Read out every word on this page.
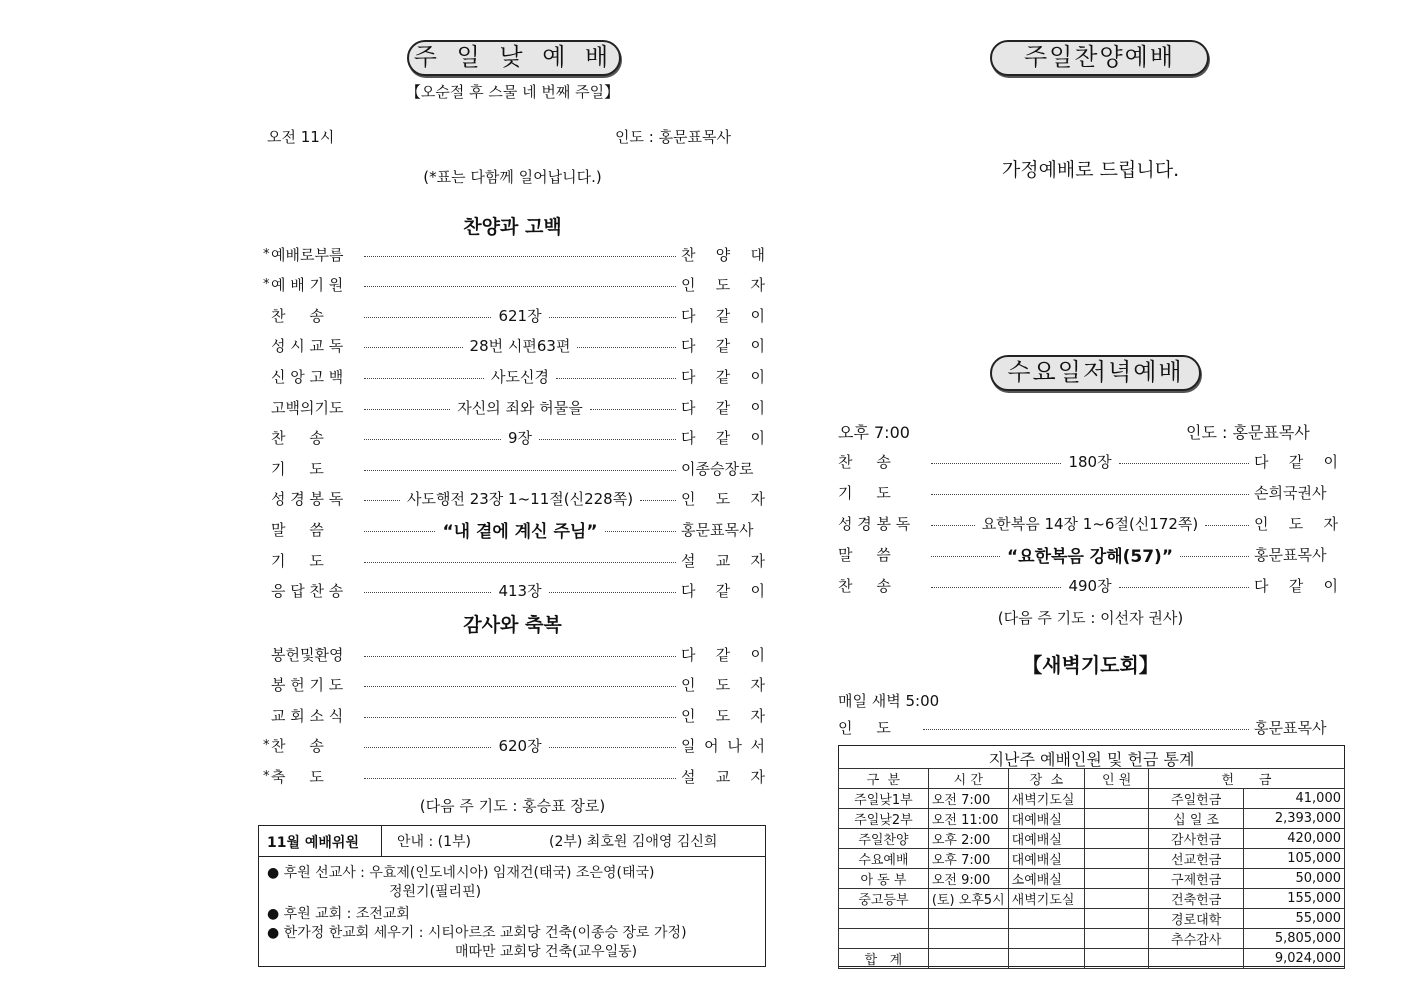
주 일 낮 예 배
【오순절 후 스물 네 번째 주일】
오전 11시	인도 : 홍문표목사
(*표는 다함께 일어납니다.)
찬양과 고백
* 예배로부름	찬 양 대
* 예 배 기 원	인 도 자
찬     송	621장	다 같 이
성 시 교 독	28번 시편63편	다 같 이
신 앙 고 백	사도신경	다 같 이
고백의기도	자신의 죄와 허물을	다 같 이
찬     송	9장	다 같 이
기     도	이종승장로
성 경 봉 독	사도행전 23장 1~11절(신228쪽)	인 도 자
말     씀	“내 곁에 계신 주님”	홍문표목사
기     도	설 교 자
응 답 찬 송	413장	다 같 이
감사와 축복
봉헌및환영	다 같 이
봉 헌 기 도	인 도 자
교 회 소 식	인 도 자
* 찬     송	620장	일 어 나 서
* 축     도	설 교 자
(다음 주 기도 : 홍승표 장로)
11월 예배위원	안내 : (1부)	(2부) 최호원 김애영 김신희
● 후원 선교사 : 우효제(인도네시아) 임재건(태국) 조은영(태국)
정원기(필리핀)
● 후원 교회 : 조전교회
● 한가정 한교회 세우기 : 시티아르조 교회당 건축(이종승 장로 가정)
매따만 교회당 건축(교우일동)
주일찬양예배
가정예배로 드립니다.
수요일저녁예배
오후 7:00	인도 : 홍문표목사
찬     송	180장	다 같 이
기     도	손희국권사
성 경 봉 독	요한복음 14장 1~6절(신172쪽)	인 도 자
말     씀	“요한복음 강해(57)”	홍문표목사
찬     송	490장	다 같 이
(다음 주 기도 : 이선자 권사)
【새벽기도회】
매일 새벽 5:00
인     도	홍문표목사
지난주 예배인원 및 헌금 통계
구  분	시 간	장  소	인 원	헌      금	
주일낮1부	오전 7:00	새벽기도실		주일헌금	41,000
주일낮2부	오전 11:00	대예배실		십 일 조	2,393,000
주일찬양	오후 2:00	대예배실		감사헌금	420,000
수요예배	오후 7:00	대예배실		선교헌금	105,000
아 동 부	오전 9:00	소예배실		구제헌금	50,000
중고등부	(토) 오후5시	새벽기도실		건축헌금	155,000
				경로대학	55,000
				추수감사	5,805,000
합   계					9,024,000
